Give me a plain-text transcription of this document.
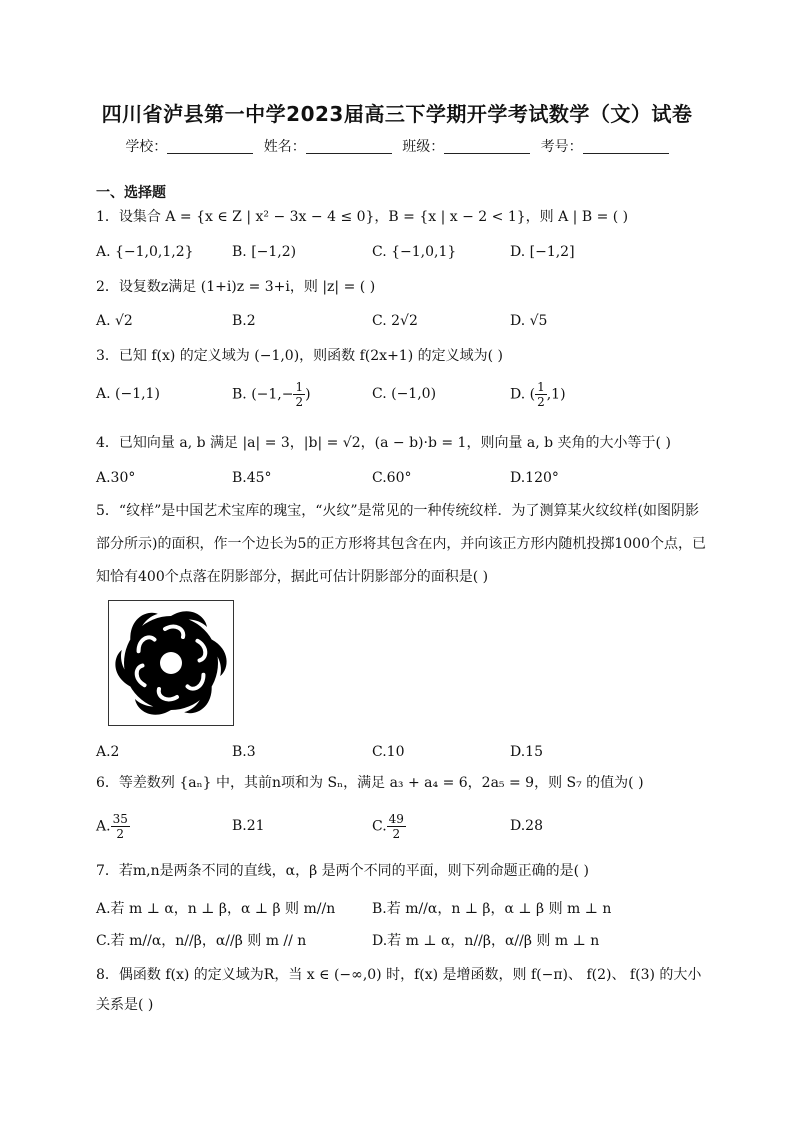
四川省泸县第一中学2023届高三下学期开学考试数学（文）试卷
学校：	姓名：	班级：	考号：
一、选择题
1．设集合 A = {x ∈ Z | x² − 3x − 4 ≤ 0}，B = {x | x − 2 < 1}，则 A | B = ( )
A. {−1,0,1,2}	B. [−1,2)	C. {−1,0,1}	D. [−1,2]
2．设复数z满足 (1+i)z = 3+i，则 |z| = ( )
A. √2	B.2	C. 2√2	D. √5
3．已知 f(x) 的定义域为 (−1,0)，则函数 f(2x+1) 的定义域为( )
A. (−1,1)	B. ($-1,- \frac{1}{2}$ )	C. (−1,0)	D. ( $\frac{1}{2} ,1$)
4．已知向量 a, b 满足 |a| = 3，|b| = √2，(a − b)·b = 1，则向量 a, b 夹角的大小等于( )
A.30°	B.45°	C.60°	D.120°
5．“纹样”是中国艺术宝库的瑰宝，“火纹”是常见的一种传统纹样．为了测算某火纹纹样(如图阴影部分所示)的面积，作一个边长为5的正方形将其包含在内，并向该正方形内随机投掷1000个点，已知恰有400个点落在阴影部分，据此可估计阴影部分的面积是( )
A.2	B.3	C.10	D.15
6．等差数列 {aₙ} 中，其前n项和为 Sₙ，满足 a₃ + a₄ = 6，2a₅ = 9，则 S₇ 的值为( )
A. $\frac{35}{2}$	B.21	C. $\frac{49}{2}$	D.28
7．若m,n是两条不同的直线，α，β 是两个不同的平面，则下列命题正确的是( )
A.若 m ⊥ α，n ⊥ β，α ⊥ β 则 m//n	B.若 m//α，n ⊥ β，α ⊥ β 则 m ⊥ n
C.若 m//α，n//β，α//β 则 m // n	D.若 m ⊥ α，n//β，α//β 则 m ⊥ n
8．偶函数 f(x) 的定义域为R，当 x ∈ (−∞,0) 时，f(x) 是增函数，则 f(−π)、 f(2)、 f(3) 的大小关系是( )
